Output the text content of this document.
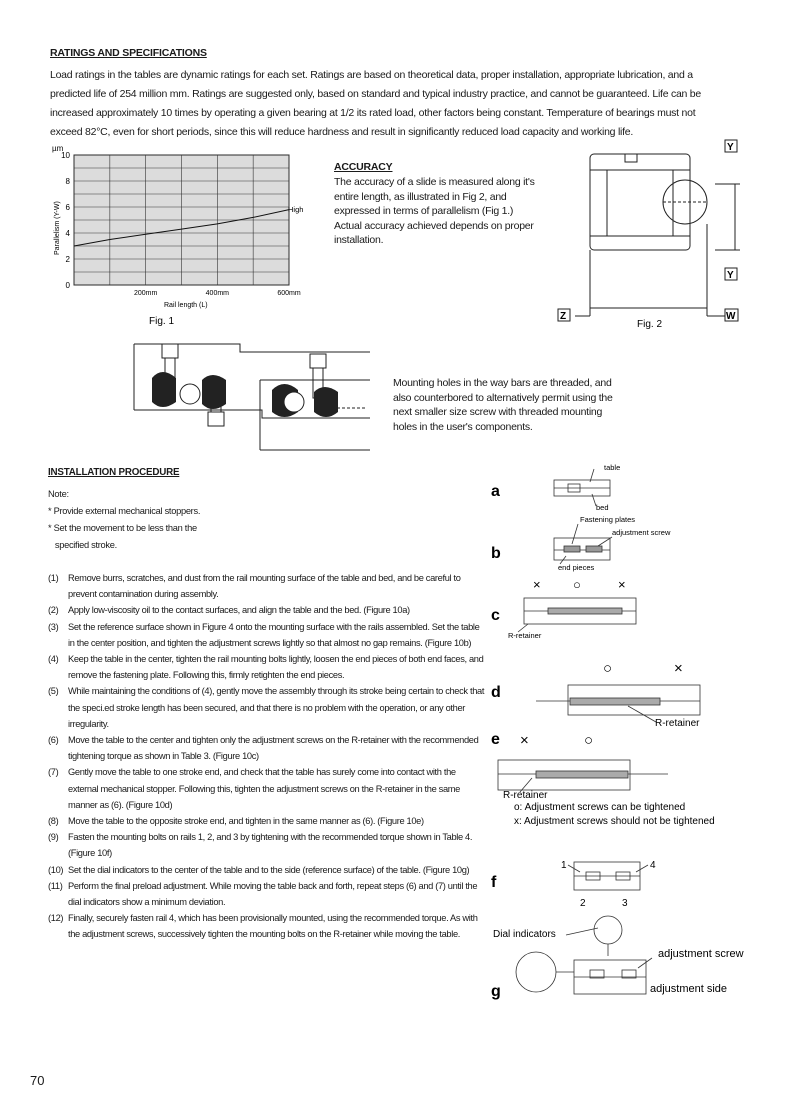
RATINGS AND SPECIFICATIONS
Load ratings in the tables are dynamic ratings for each set. Ratings are based on theoretical data, proper installation, appropriate lubrication, and a
predicted life of 254 million mm. Ratings are suggested only, based on standard and typical industry practice, and cannot be guaranteed. Life can be
increased approximately 10 times by operating a given bearing at 1/2 its rated load, other factors being constant. Temperature of bearings must not
exceed 82°C, even for short periods, since this will reduce hardness and result in significantly reduced load capacity and working life.
µm
0
2
4
6
8
10
200mm	400mm	600mm
High
Rail length (L)
Parallelism (Y-W)
Fig. 1
ACCURACY
The accuracy of a slide is measured along it's
entire length, as illustrated in Fig 2, and
expressed in terms of parallelism (Fig 1.)
Actual accuracy achieved depends on proper
installation.
Y
Y
Z	W
Fig. 2
Mounting holes in the way bars are threaded, and
also counterbored to alternatively permit using the
next smaller size screw with threaded mounting
holes in the user's components.
INSTALLATION PROCEDURE
Note:
* Provide external mechanical stoppers.
* Set the movement to be less than the
specified stroke.
(1) Remove burrs, scratches, and dust from the rail mounting surface of the table and bed, and be careful to prevent contamination during assembly.
(2) Apply low-viscosity oil to the contact surfaces, and align the table and the bed. (Figure 10a)
(3) Set the reference surface shown in Figure 4 onto the mounting surface with the rails assembled. Set the table in the center position, and tighten the adjustment screws lightly so that almost no gap remains. (Figure 10b)
(4) Keep the table in the center, tighten the rail mounting bolts lightly, loosen the end pieces of both end faces, and remove the fastening plate. Following this, firmly retighten the end pieces.
(5) While maintaining the conditions of (4), gently move the assembly through its stroke being certain to check that the speci.ed stroke length has been secured, and that there is no problem with the operation, or any other irregularity.
(6) Move the table to the center and tighten only the adjustment screws on the R-retainer with the recommended tightening torque as shown in Table 3. (Figure 10c)
(7) Gently move the table to one stroke end, and check that the table has surely come into contact with the external mechanical stopper. Following this, tighten the adjustment screws on the R-retainer in the same manner as (6). (Figure 10d)
(8) Move the table to the opposite stroke end, and tighten in the same manner as (6). (Figure 10e)
(9) Fasten the mounting bolts on rails 1, 2, and 3 by tightening with the recommended torque shown in Table 4. (Figure 10f)
(10) Set the dial indicators to the center of the table and to the side (reference surface) of the table. (Figure 10g)
(11) Perform the final preload adjustment. While moving the table back and forth, repeat steps (6) and (7) until the dial indicators show a minimum deviation.
(12) Finally, securely fasten rail 4, which has been provisionally mounted, using the recommended torque. As with the adjustment screws, successively tighten the mounting bolts on the R-retainer while moving the table.
a
table
bed
b
Fastening plates
adjustment screw
end pieces
× ○	×
c
R-retainer
○	×
d
R-retainer
×	○
e
R-retainer
o: Adjustment screws can be tightened
x: Adjustment screws should not be tightened
f
1	4
2	3
Dial indicators
g
adjustment screw
adjustment side
70
